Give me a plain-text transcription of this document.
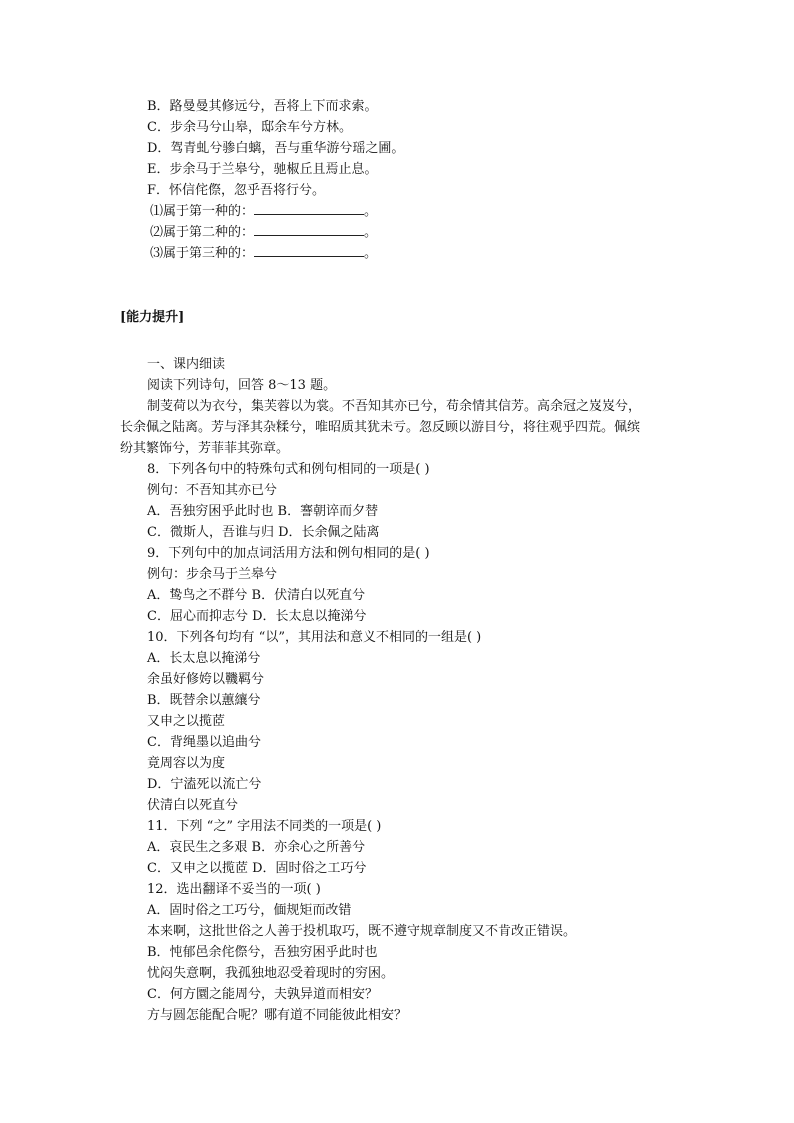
B．路曼曼其修远兮，吾将上下而求索。
C．步余马兮山皋，邸余车兮方林。
D．驾青虬兮骖白螭，吾与重华游兮瑶之圃。
E．步余马于兰皋兮，驰椒丘且焉止息。
F．怀信侘傺，忽乎吾将行兮。
⑴属于第一种的：	。
⑵属于第二种的：	。
⑶属于第三种的：	。
[能力提升]
一、课内细读
阅读下列诗句，回答 8～13 题。
制芰荷以为衣兮，集芙蓉以为裳。不吾知其亦已兮，苟余情其信芳。高余冠之岌岌兮，
长余佩之陆离。芳与泽其杂糅兮，唯昭质其犹未亏。忽反顾以游目兮，将往观乎四荒。佩缤
纷其繁饰兮，芳菲菲其弥章。
8．下列各句中的特殊句式和例句相同的一项是( )
例句：不吾知其亦已兮
A．吾独穷困乎此时也 B．謇朝谇而夕替
C．微斯人，吾谁与归 D．长余佩之陆离
9．下列句中的加点词活用方法和例句相同的是( )
例句：步余马于兰皋兮
A．鸷鸟之不群兮 B．伏清白以死直兮
C．屈心而抑志兮 D．长太息以掩涕兮
10．下列各句均有 “以”，其用法和意义不相同的一组是( )
A．长太息以掩涕兮
余虽好修姱以鞿羁兮
B．既替余以蕙纕兮
又申之以揽茝
C．背绳墨以追曲兮
竟周容以为度
D．宁溘死以流亡兮
伏清白以死直兮
11．下列 “之” 字用法不同类的一项是( )
A．哀民生之多艰 B．亦余心之所善兮
C．又申之以揽茝 D．固时俗之工巧兮
12．选出翻译不妥当的一项( )
A．固时俗之工巧兮，偭规矩而改错
本来啊，这批世俗之人善于投机取巧，既不遵守规章制度又不肯改正错误。
B．忳郁邑余侘傺兮，吾独穷困乎此时也
忧闷失意啊，我孤独地忍受着现时的穷困。
C．何方圜之能周兮，夫孰异道而相安？
方与圆怎能配合呢？哪有道不同能彼此相安？
